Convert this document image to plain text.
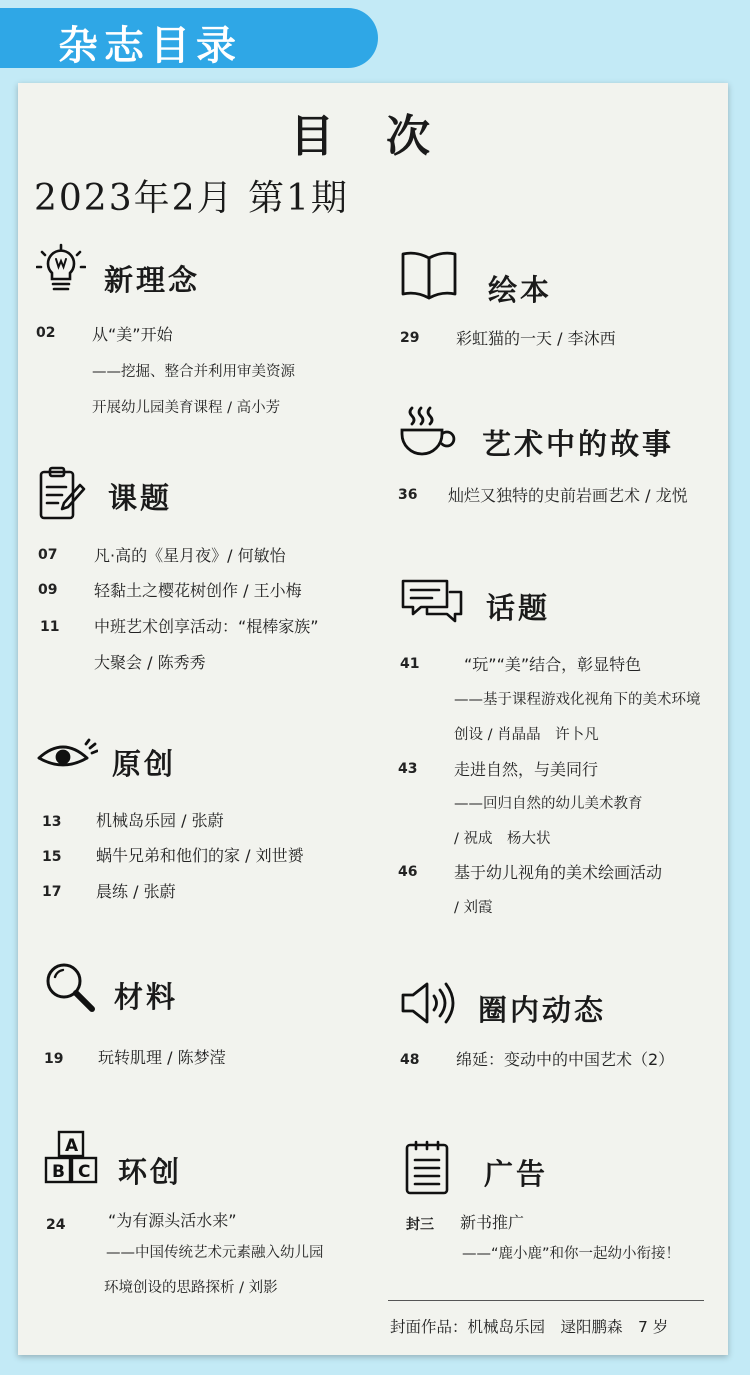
杂志目录
目次
2023年2月 第1期
新理念
02 从“美”开始
——挖掘、整合并利用审美资源
开展幼儿园美育课程 / 高小芳
课题
07 凡·高的《星月夜》/ 何敏怡
09 轻黏土之樱花树创作 / 王小梅
11 中班艺术创享活动：“棍棒家族”
大聚会 / 陈秀秀
原创
13 机械岛乐园 / 张蔚
15 蜗牛兄弟和他们的家 / 刘世赟
17 晨练 / 张蔚
材料
19 玩转肌理 / 陈梦滢
A
B C 环创
24	“为有源头活水来”
——中国传统艺术元素融入幼儿园
环境创设的思路探析 / 刘影
绘本
29 彩虹猫的一天 / 李沐西
艺术中的故事
36 灿烂又独特的史前岩画艺术 / 龙悦
话题
41	“玩”“美”结合，彰显特色
——基于课程游戏化视角下的美术环境
创设 / 肖晶晶　许卜凡
43 走进自然，与美同行
——回归自然的幼儿美术教育
/ 祝成　杨大状
46 基于幼儿视角的美术绘画活动
/ 刘霞
圈内动态
48 绵延：变动中的中国艺术（2）
广告
封三 新书推广
——“鹿小鹿”和你一起幼小衔接！
封面作品：机械岛乐园　逯阳鹏森　7 岁
